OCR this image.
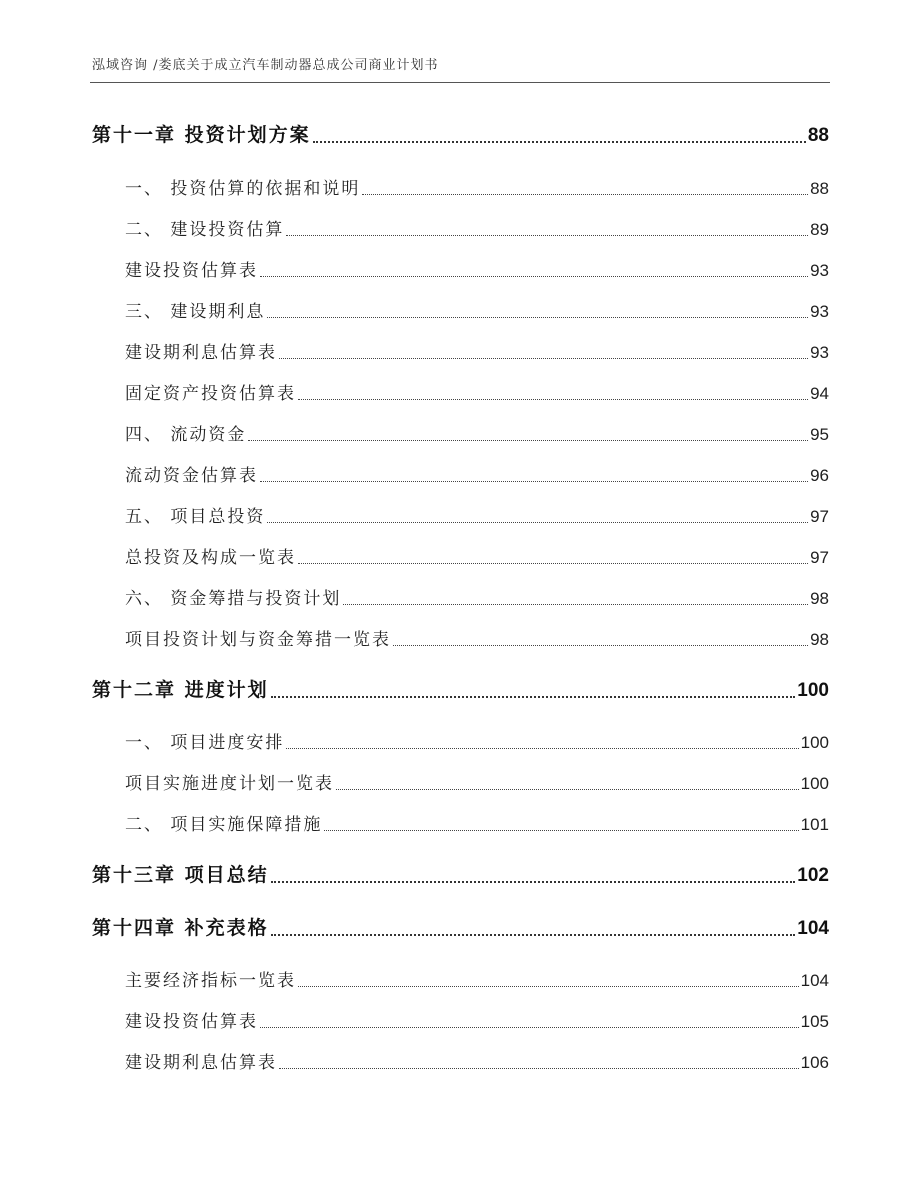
泓域咨询 /娄底关于成立汽车制动器总成公司商业计划书
第十一章 投资计划方案	88
一、 投资估算的依据和说明	88
二、 建设投资估算	89
建设投资估算表	93
三、 建设期利息	93
建设期利息估算表	93
固定资产投资估算表	94
四、 流动资金	95
流动资金估算表	96
五、 项目总投资	97
总投资及构成一览表	97
六、 资金筹措与投资计划	98
项目投资计划与资金筹措一览表	98
第十二章 进度计划	100
一、 项目进度安排	100
项目实施进度计划一览表	100
二、 项目实施保障措施	101
第十三章 项目总结	102
第十四章 补充表格	104
主要经济指标一览表	104
建设投资估算表	105
建设期利息估算表	106
